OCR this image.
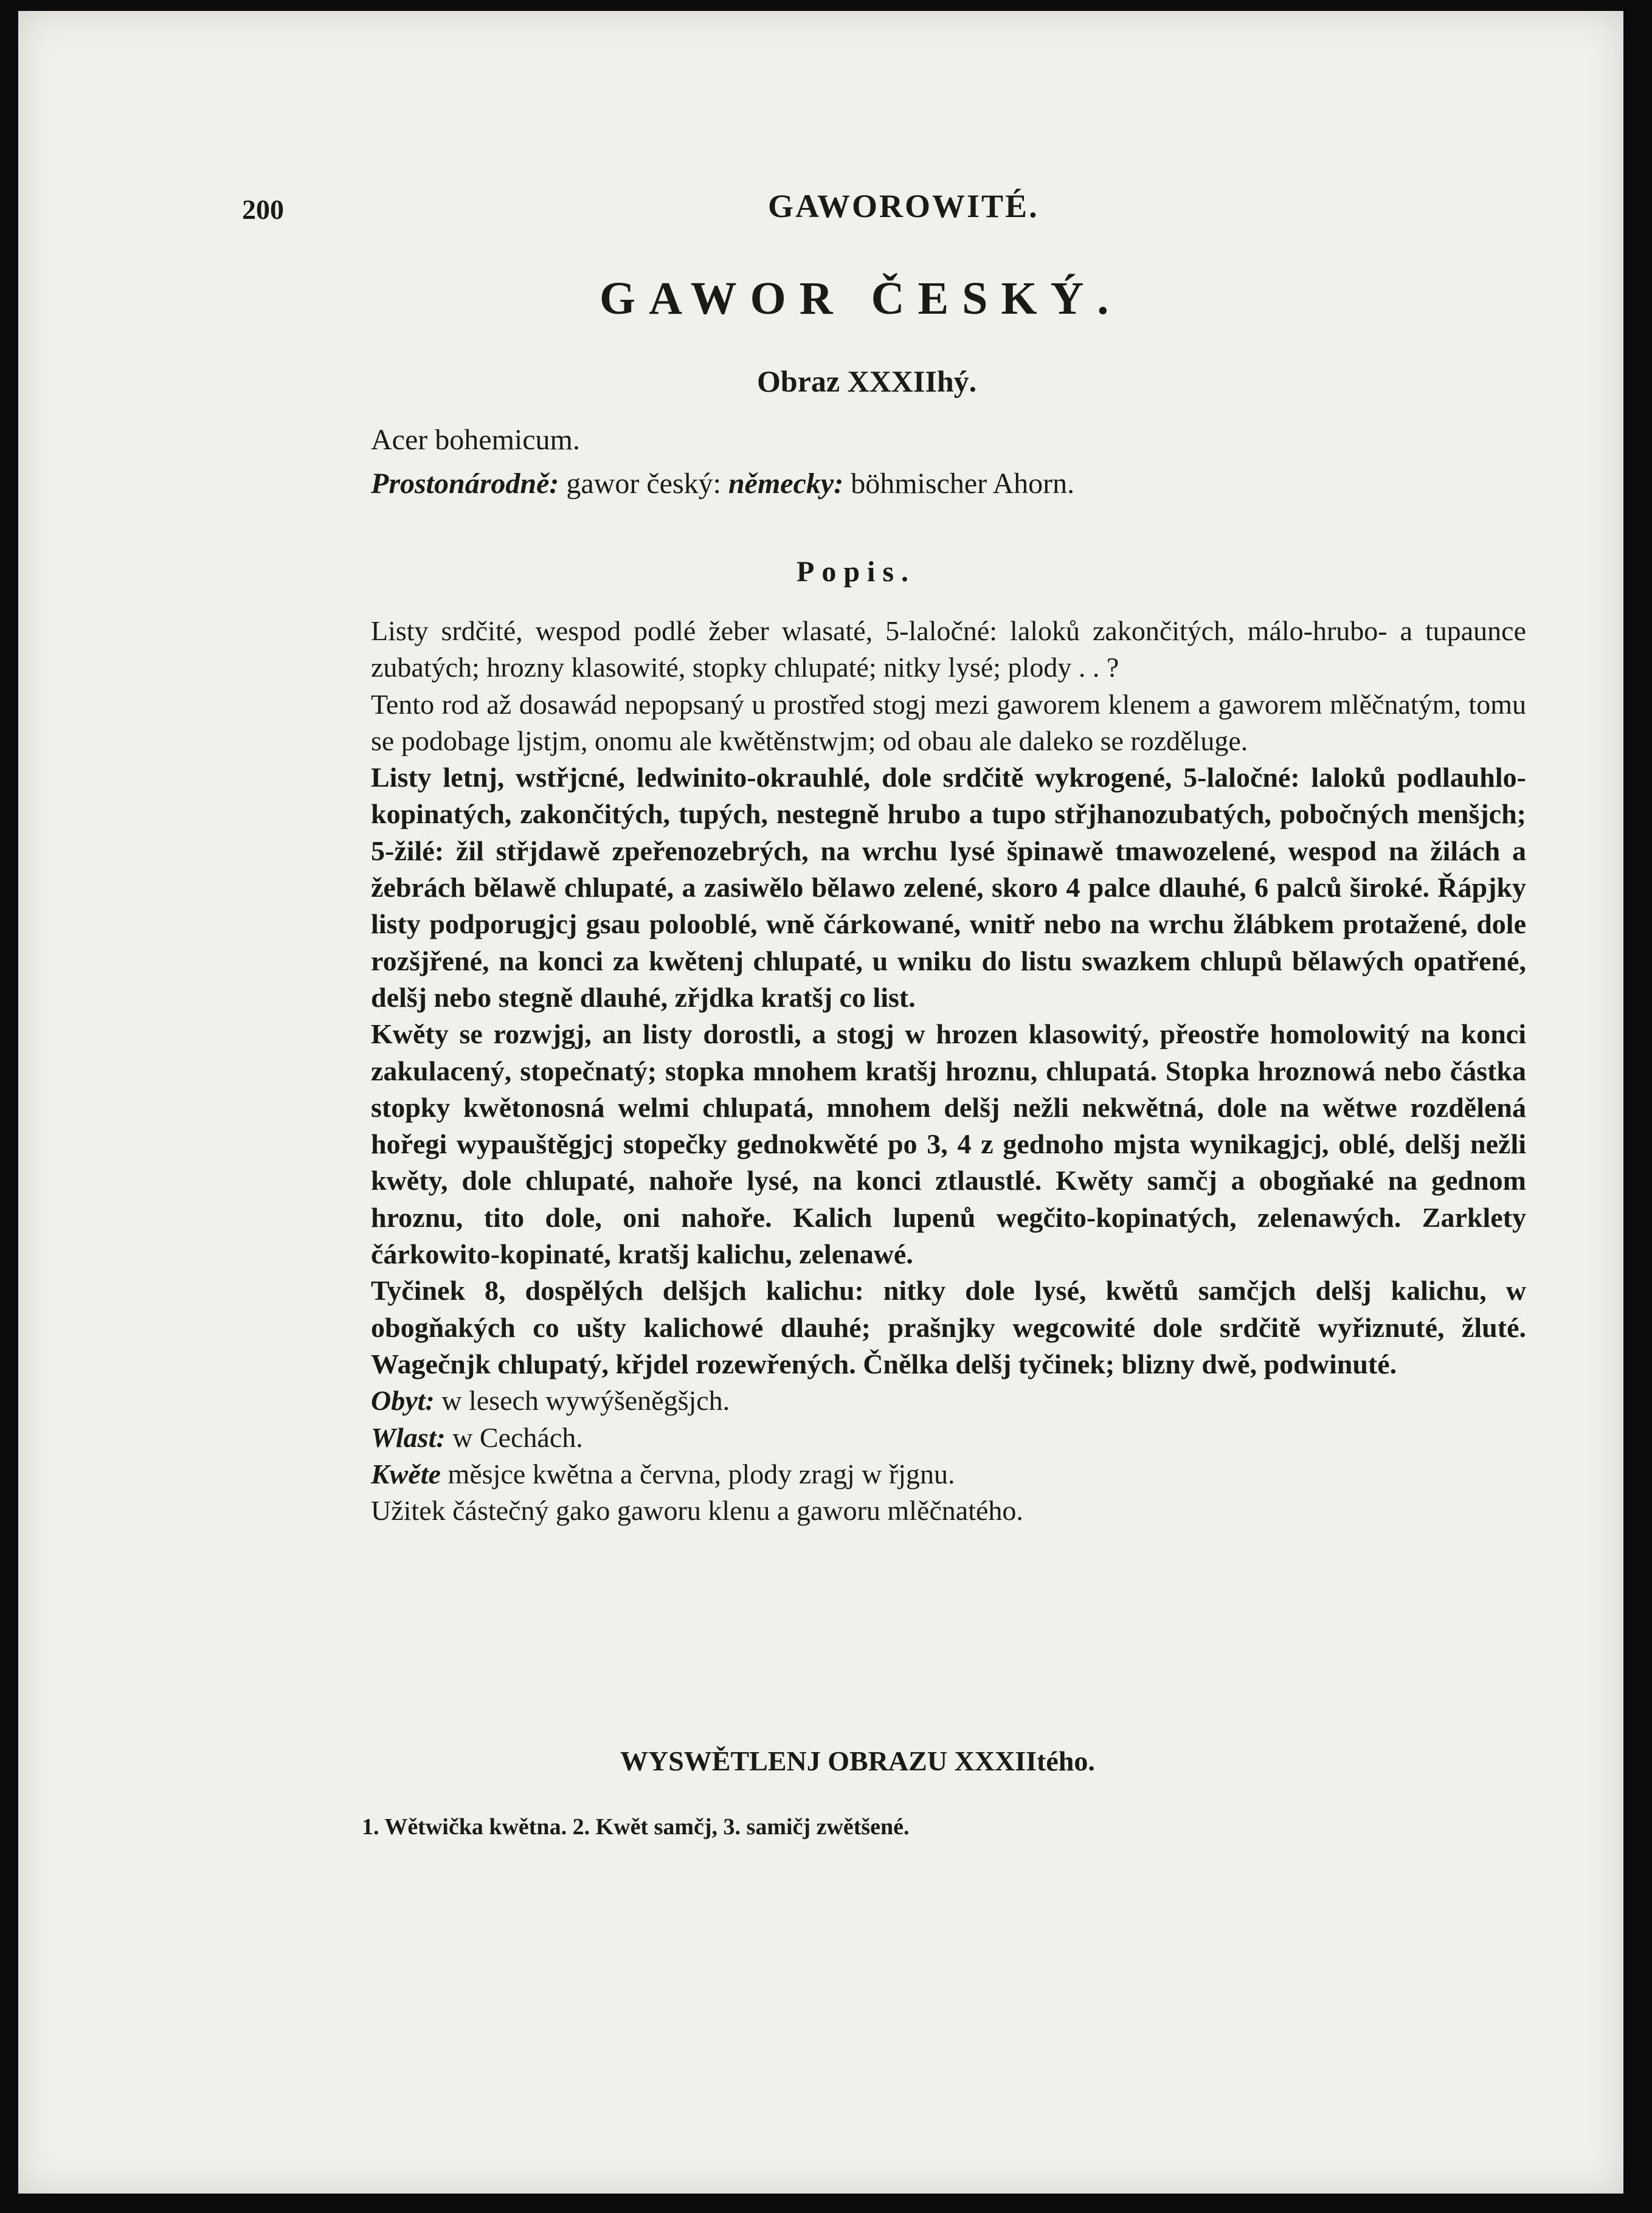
200	GAWOROWITÉ.
GAWOR ČESKÝ.
Obraz XXXIIhý.
Acer bohemicum.
Prostonárodně: gawor český: německy: böhmischer Ahorn.
Popis.

Listy srdčité, wespod podlé žeber wlasaté, 5-laločné: laloků zakončitých, málo-hrubo- a tupaunce zubatých; hrozny klasowité, stopky chlupaté; nitky lysé; plody . . ?

Tento rod až dosawád nepopsaný u prostřed stogj mezi gaworem klenem a gaworem mlěčnatým, tomu se podobage ljstjm, onomu ale kwětěnstwjm; od obau ale daleko se rozděluge.

Listy letnj, wstřjcné, ledwinito-okrauhlé, dole srdčitě wykrogené, 5-laločné: laloků podlauhlo-kopinatých, zakončitých, tupých, nestegně hrubo a tupo střjhanozubatých, pobočných menšjch; 5-žilé: žil střjdawě zpeřenozebrých, na wrchu lysé špinawě tmawozelené, wespod na žilách a žebrách bělawě chlupaté, a zasiwělo bělawo zelené, skoro 4 palce dlauhé, 6 palců široké. Řápjky listy podporugjcj gsau polooblé, wně čárkowané, wnitř nebo na wrchu žlábkem protažené, dole rozšjřené, na konci za kwětenj chlupaté, u wniku do listu swazkem chlupů bělawých opatřené, delšj nebo stegně dlauhé, zřjdka kratšj co list.

Kwěty se rozwjgj, an listy dorostli, a stogj w hrozen klasowitý, přeostře homolowitý na konci zakulacený, stopečnatý; stopka mnohem kratšj hroznu, chlupatá. Stopka hroznowá nebo částka stopky kwětonosná welmi chlupatá, mnohem delšj nežli nekwětná, dole na wětwe rozdělená hořegi wypauštěgjcj stopečky gednokwěté po 3, 4 z gednoho mjsta wynikagjcj, oblé, delšj nežli kwěty, dole chlupaté, nahoře lysé, na konci ztlaustlé. Kwěty samčj a obogňaké na gednom hroznu, tito dole, oni nahoře. Kalich lupenů wegčito-kopinatých, zelenawých. Zarklety čárkowito-kopinaté, kratšj kalichu, zelenawé.

Tyčinek 8, dospělých delšjch kalichu: nitky dole lysé, kwětů samčjch delšj kalichu, w obogňakých co ušty kalichowé dlauhé; prašnjky wegcowité dole srdčitě wyřiznuté, žluté. Wagečnjk chlupatý, křjdel rozewřených. Čnělka delšj tyčinek; blizny dwě, podwinuté.

Obyt: w lesech wywýšeněgšjch.

Wlast: w Cechách.

Kwěte měsjce kwětna a června, plody zragj w řjgnu.

Užitek částečný gako gaworu klenu a gaworu mlěčnatého.

WYSWĚTLENJ OBRAZU XXXIItého.
1. Wětwička kwětna. 2. Kwět samčj, 3. samičj zwětšené.
